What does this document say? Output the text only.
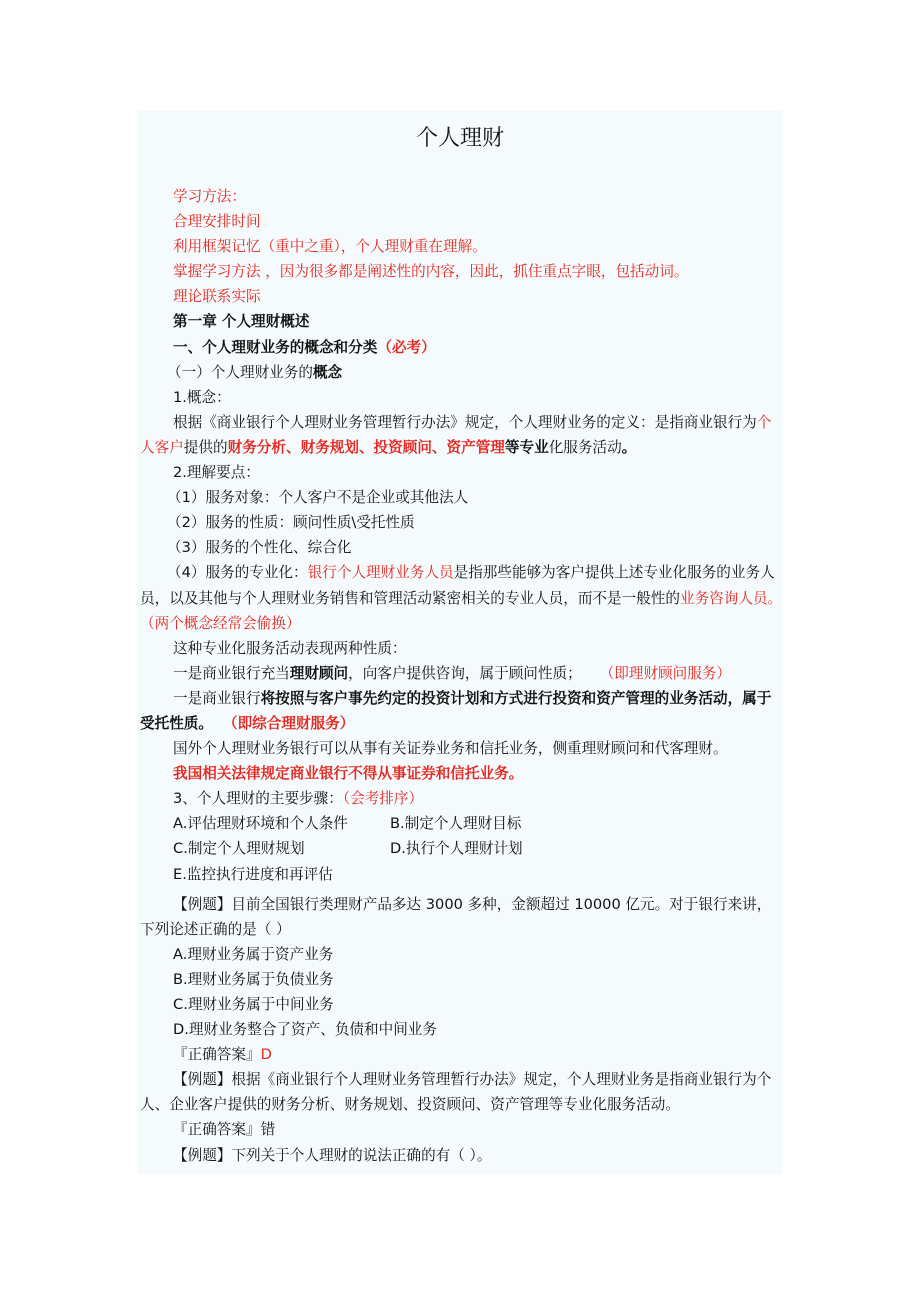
个人理财

学习方法：

合理安排时间

利用框架记忆（重中之重），个人理财重在理解。

掌握学习方法 ，因为很多都是阐述性的内容，因此，抓住重点字眼，包括动词。

理论联系实际

第一章 个人理财概述

一、个人理财业务的概念和分类（必考）

（一）个人理财业务的概念

1.概念：

根据《商业银行个人理财业务管理暂行办法》规定，个人理财业务的定义：是指商业银行为个人客户提供的财务分析、财务规划、投资顾问、资产管理等专业化服务活动。

2.理解要点：

（1）服务对象：个人客户不是企业或其他法人

（2）服务的性质：顾问性质\受托性质

（3）服务的个性化、综合化

（4）服务的专业化：银行个人理财业务人员是指那些能够为客户提供上述专业化服务的业务人员，以及其他与个人理财业务销售和管理活动紧密相关的专业人员，而不是一般性的业务咨询人员。（两个概念经常会偷换）

这种专业化服务活动表现两种性质：

一是商业银行充当理财顾问，向客户提供咨询，属于顾问性质； （即理财顾问服务）

一是商业银行将按照与客户事先约定的投资计划和方式进行投资和资产管理的业务活动，属于受托性质。 （即综合理财服务）

国外个人理财业务银行可以从事有关证券业务和信托业务，侧重理财顾问和代客理财。

我国相关法律规定商业银行不得从事证券和信托业务。

3、个人理财的主要步骤：（会考排序）

A.评估理财环境和个人条件	B.制定个人理财目标

C.制定个人理财规划	D.执行个人理财计划

E.监控执行进度和再评估

【例题】目前全国银行类理财产品多达 3000 多种，金额超过 10000 亿元。对于银行来讲，下列论述正确的是（ ）

A.理财业务属于资产业务

B.理财业务属于负债业务

C.理财业务属于中间业务

D.理财业务整合了资产、负债和中间业务

『正确答案』D

【例题】根据《商业银行个人理财业务管理暂行办法》规定，个人理财业务是指商业银行为个人、企业客户提供的财务分析、财务规划、投资顾问、资产管理等专业化服务活动。

『正确答案』错

【例题】下列关于个人理财的说法正确的有（ ）。
